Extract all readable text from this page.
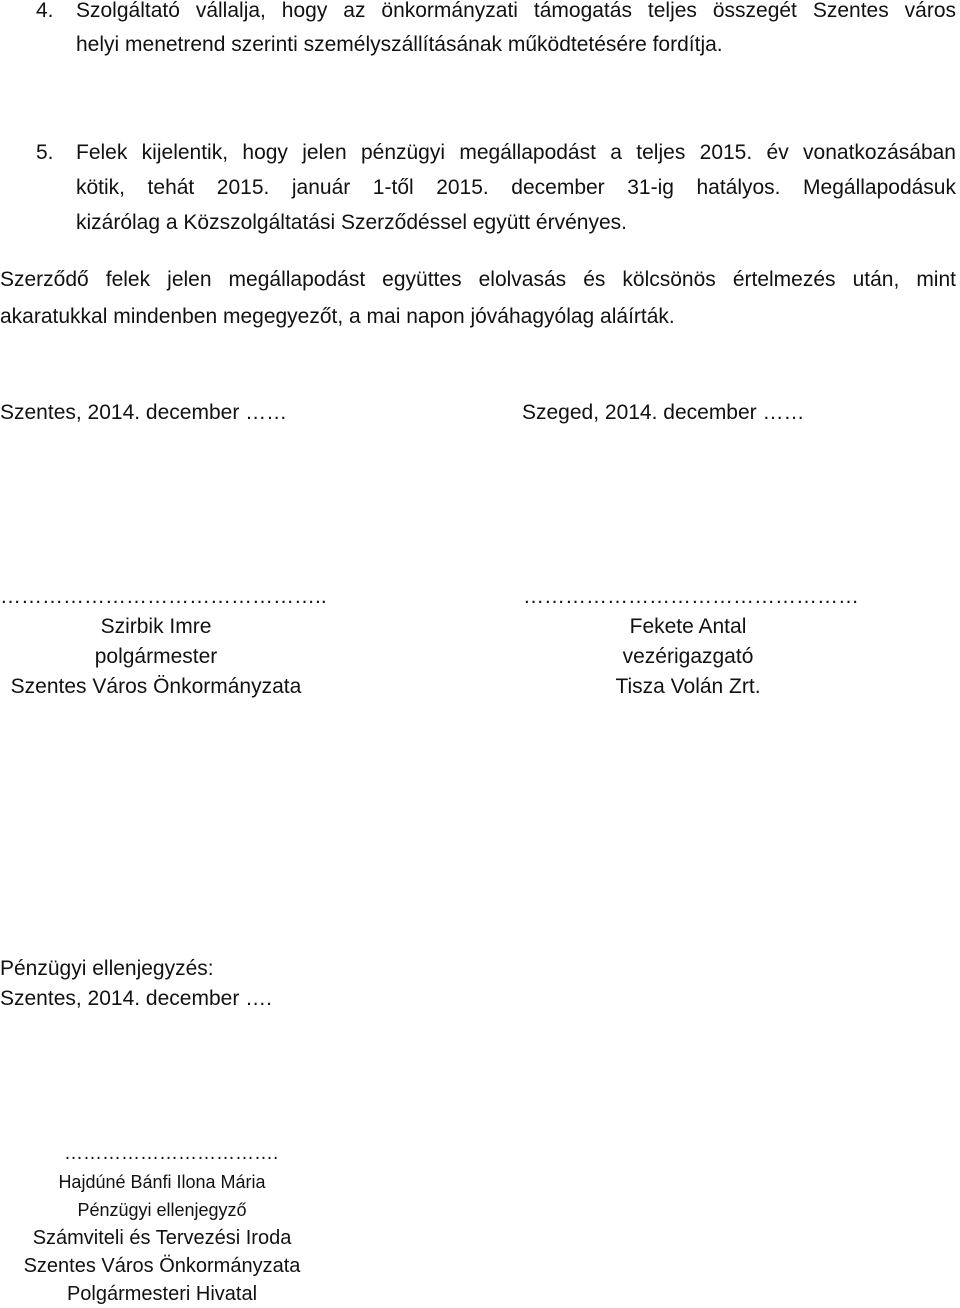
4. Szolgáltató vállalja, hogy az önkormányzati támogatás teljes összegét Szentes város
helyi menetrend szerinti személyszállításának működtetésére fordítja.
5. Felek kijelentik, hogy jelen pénzügyi megállapodást a teljes 2015. év vonatkozásában
kötik, tehát 2015. január 1-től 2015. december 31-ig hatályos. Megállapodásuk
kizárólag a Közszolgáltatási Szerződéssel együtt érvényes.
Szerződő felek jelen megállapodást együttes elolvasás és kölcsönös értelmezés után, mint
akaratukkal mindenben megegyezőt, a mai napon jóváhagyólag aláírták.
Szentes, 2014. december ……	Szeged, 2014. december ……
………………………………………..
Szirbik Imre
polgármester
Szentes Város Önkormányzata
…………………………………………
Fekete Antal
vezérigazgató
Tisza Volán Zrt.
Pénzügyi ellenjegyzés:
Szentes, 2014. december ….
…………………………….
Hajdúné Bánfi Ilona Mária
Pénzügyi ellenjegyző
Számviteli és Tervezési Iroda
Szentes Város Önkormányzata
Polgármesteri Hivatal
